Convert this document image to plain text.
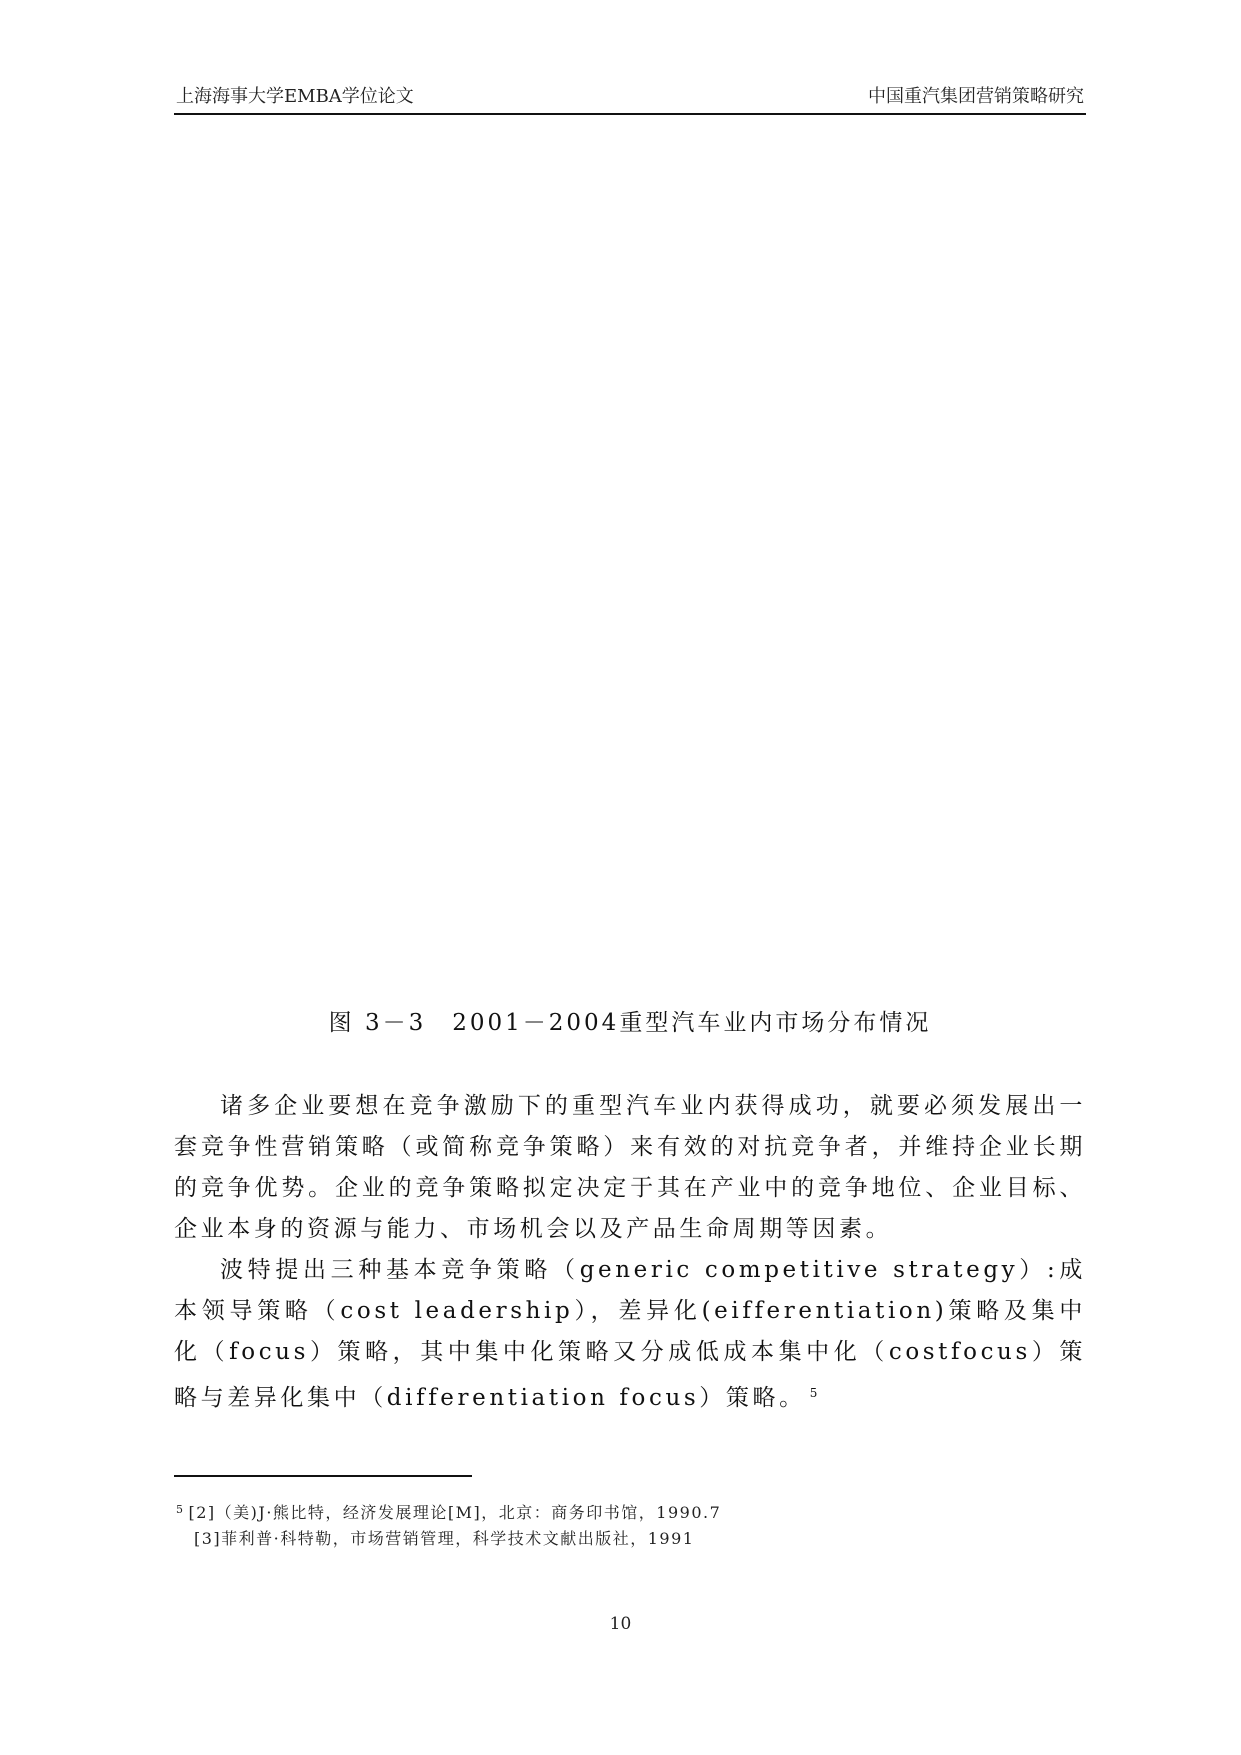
上海海事大学EMBA学位论文	中国重汽集团营销策略研究
图 3－3　2001－2004重型汽车业内市场分布情况

诸多企业要想在竞争激励下的重型汽车业内获得成功，就要必须发展出一套竞争性营销策略（或简称竞争策略）来有效的对抗竞争者，并维持企业长期的竞争优势。企业的竞争策略拟定决定于其在产业中的竞争地位、企业目标、企业本身的资源与能力、市场机会以及产品生命周期等因素。

波特提出三种基本竞争策略（generic competitive strategy）:成本领导策略（cost leadership），差异化(eifferentiation)策略及集中化（focus）策略，其中集中化策略又分成低成本集中化（costfocus）策略与差异化集中（differentiation focus）策略。 $^5$

$^5$ [2]（美)J·熊比特，经济发展理论[M]，北京：商务印书馆，1990.7
[3]菲利普·科特勒，市场营销管理，科学技术文献出版社，1991
10
